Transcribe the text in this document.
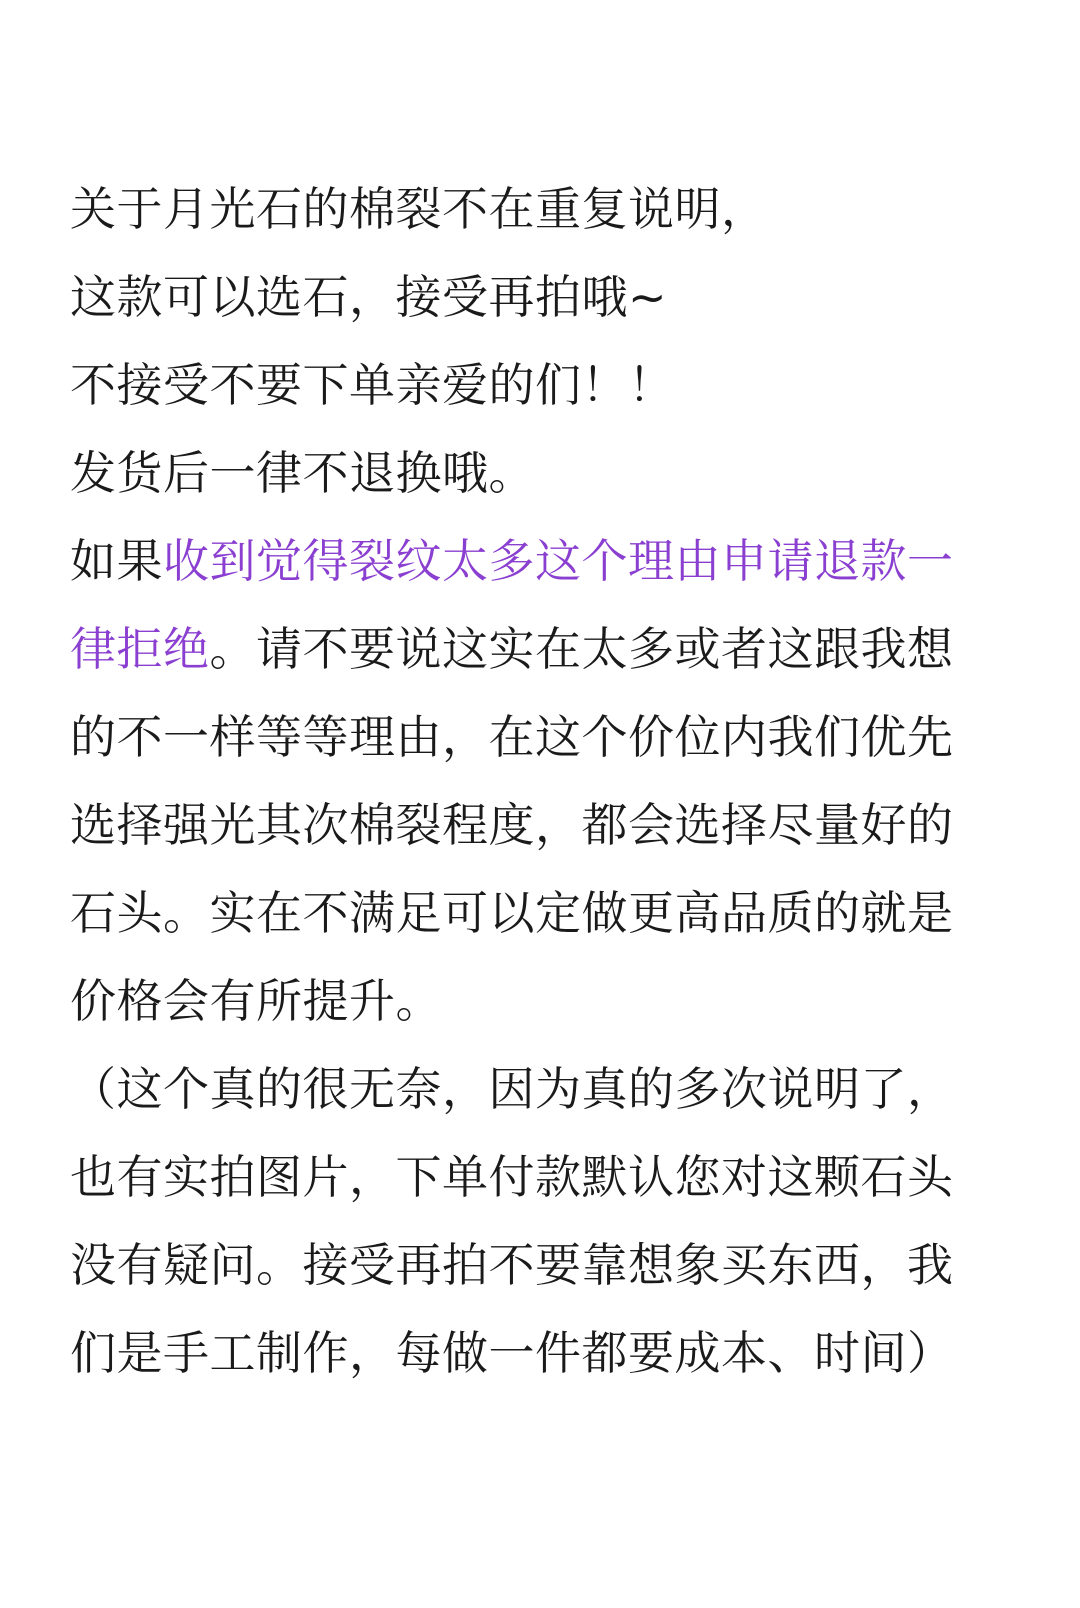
关于月光石的棉裂不在重复说明，
这款可以选石，接受再拍哦~
不接受不要下单亲爱的们！！
发货后一律不退换哦。
如果收到觉得裂纹太多这个理由申请退款一律拒绝。请不要说这实在太多或者这跟我想的不一样等等理由，在这个价位内我们优先选择强光其次棉裂程度，都会选择尽量好的石头。实在不满足可以定做更高品质的就是价格会有所提升。
（这个真的很无奈，因为真的多次说明了，也有实拍图片，下单付款默认您对这颗石头没有疑问。接受再拍不要靠想象买东西，我们是手工制作，每做一件都要成本、时间）
